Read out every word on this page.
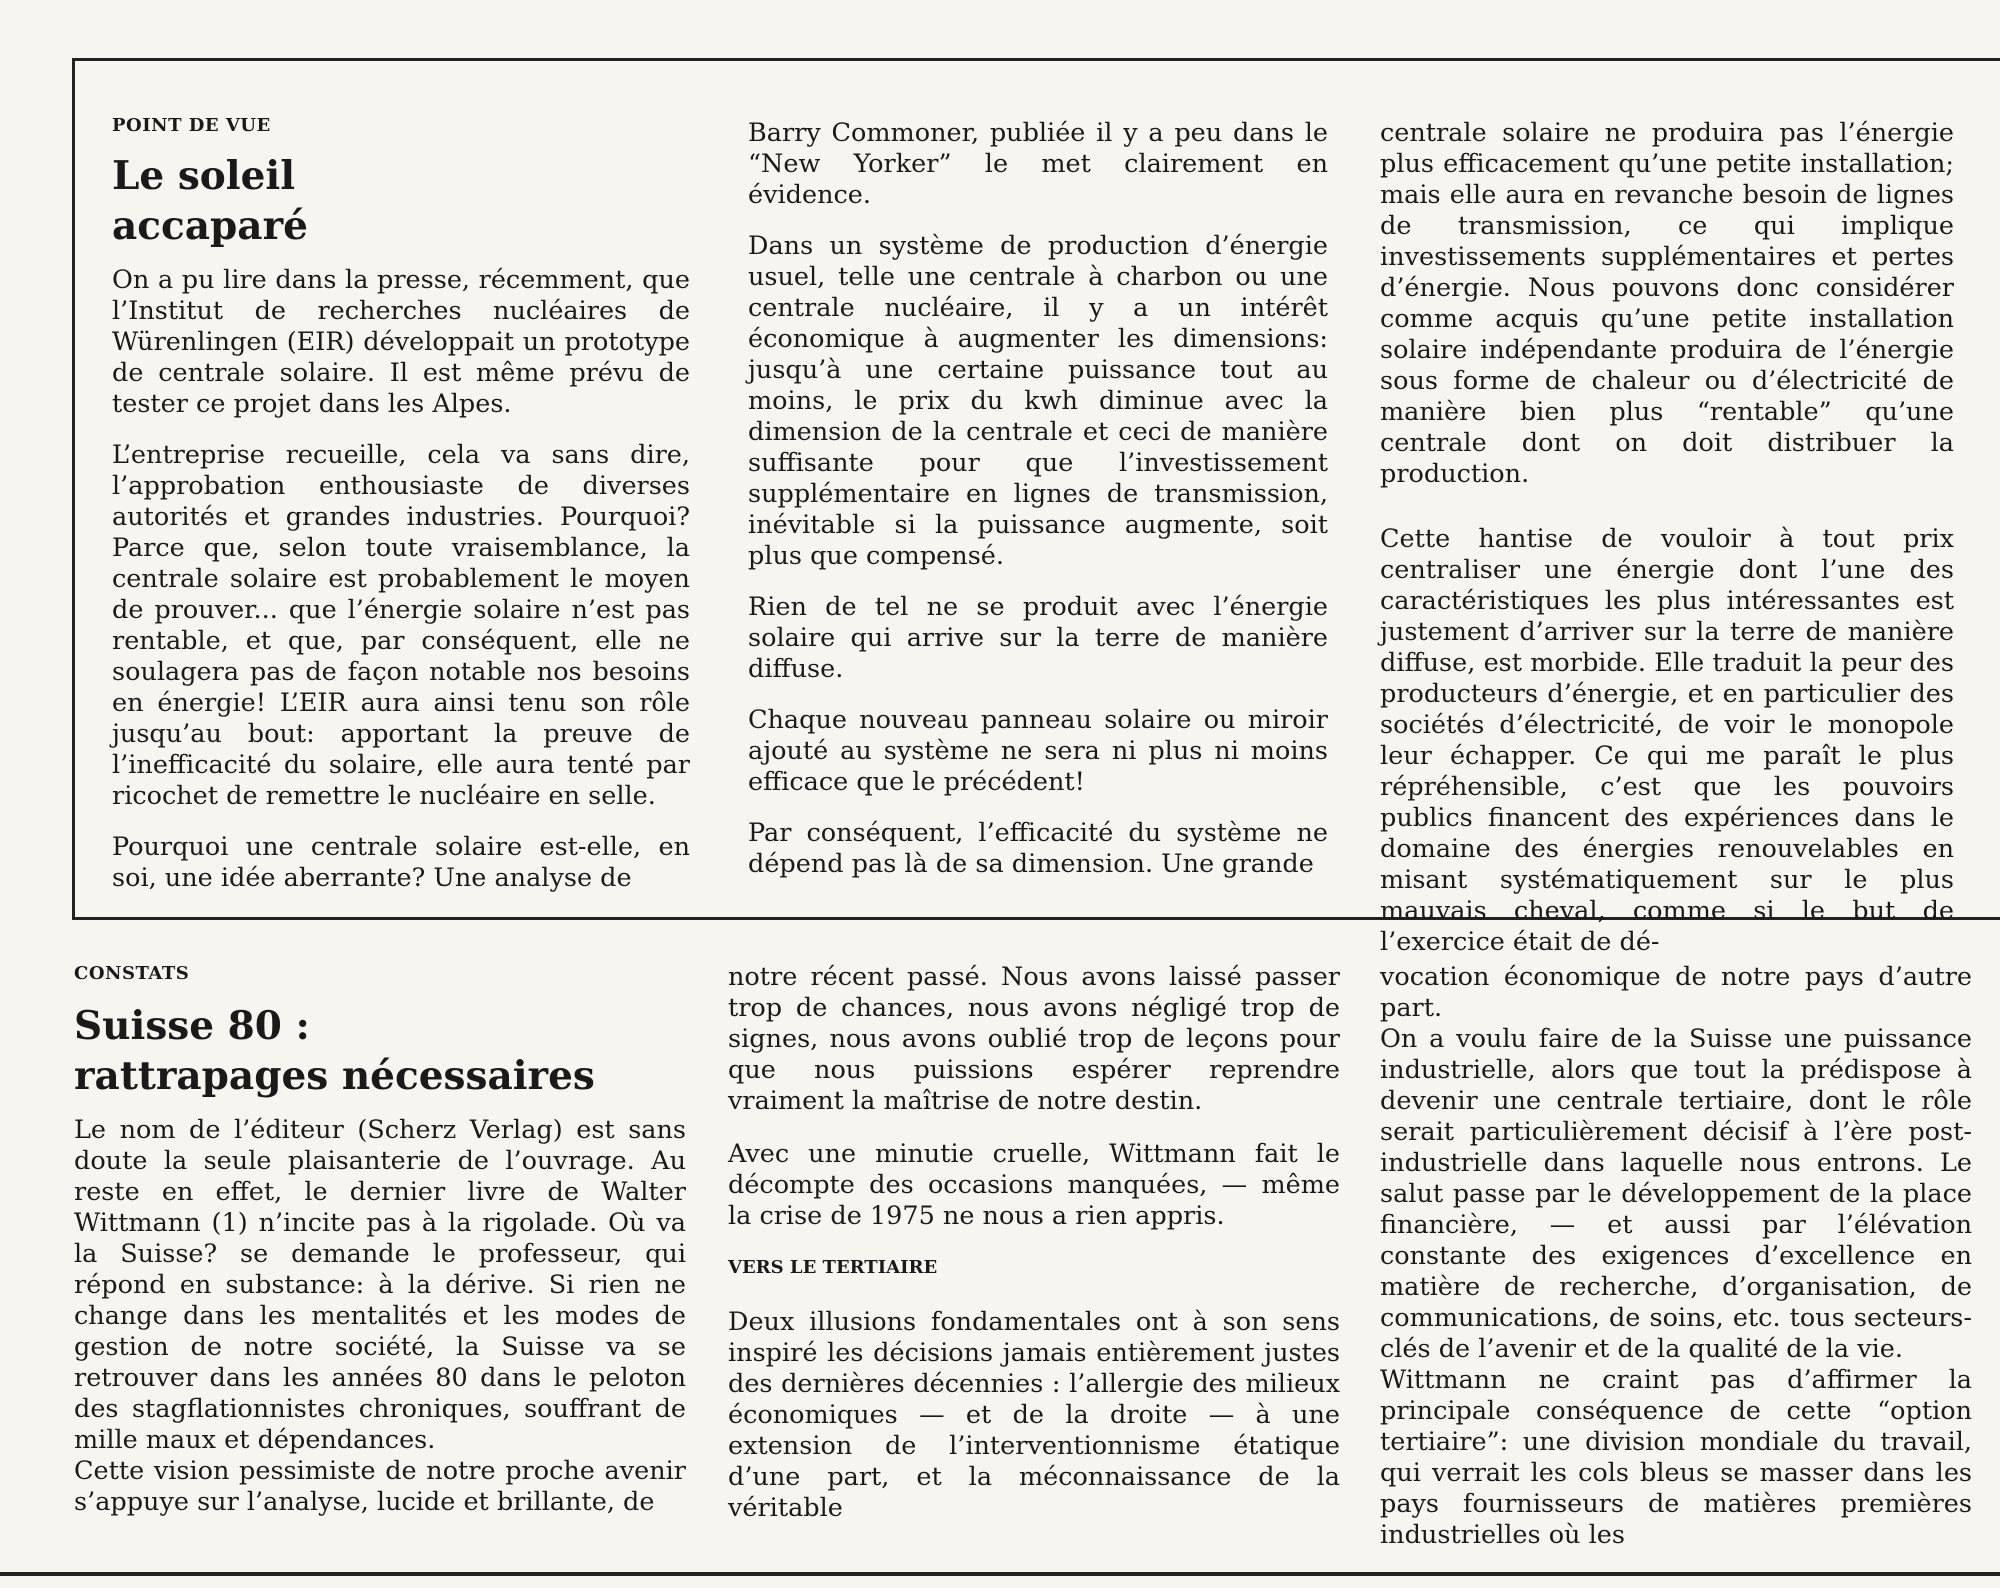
POINT DE VUE
Le soleil
accaparé

On a pu lire dans la presse, récemment, que l’Institut de recherches nucléaires de Würenlingen (EIR) développait un prototype de centrale solaire. Il est même prévu de tester ce projet dans les Alpes.

L’entreprise recueille, cela va sans dire, l’approbation enthousiaste de diverses autorités et grandes industries. Pourquoi? Parce que, selon toute vraisemblance, la centrale solaire est probablement le moyen de prouver... que l’énergie solaire n’est pas rentable, et que, par conséquent, elle ne soulagera pas de façon notable nos besoins en énergie! L’EIR aura ainsi tenu son rôle jusqu’au bout: apportant la preuve de l’inefficacité du solaire, elle aura tenté par ricochet de remettre le nucléaire en selle.

Pourquoi une centrale solaire est-elle, en soi, une idée aberrante? Une analyse de

Barry Commoner, publiée il y a peu dans le “New Yorker” le met clairement en évidence.

Dans un système de production d’énergie usuel, telle une centrale à charbon ou une centrale nucléaire, il y a un intérêt économique à augmenter les dimensions: jusqu’à une certaine puissance tout au moins, le prix du kwh diminue avec la dimension de la centrale et ceci de manière suffisante pour que l’investissement supplémentaire en lignes de transmission, inévitable si la puissance augmente, soit plus que compensé.

Rien de tel ne se produit avec l’énergie solaire qui arrive sur la terre de manière diffuse.

Chaque nouveau panneau solaire ou miroir ajouté au système ne sera ni plus ni moins efficace que le précédent!

Par conséquent, l’efficacité du système ne dépend pas là de sa dimension. Une grande

centrale solaire ne produira pas l’énergie plus efficacement qu’une petite installation; mais elle aura en revanche besoin de lignes de transmission, ce qui implique investissements supplémentaires et pertes d’énergie. Nous pouvons donc considérer comme acquis qu’une petite installation solaire indépendante produira de l’énergie sous forme de chaleur ou d’électricité de manière bien plus “rentable” qu’une centrale dont on doit distribuer la production.

Cette hantise de vouloir à tout prix centraliser une énergie dont l’une des caractéristiques les plus intéressantes est justement d’arriver sur la terre de manière diffuse, est morbide. Elle traduit la peur des producteurs d’énergie, et en particulier des sociétés d’électricité, de voir le monopole leur échapper. Ce qui me paraît le plus répréhensible, c’est que les pouvoirs publics financent des expériences dans le domaine des énergies renouvelables en misant systématiquement sur le plus mauvais cheval, comme si le but de l’exercice était de dé-

CONSTATS
Suisse 80 :
rattrapages nécessaires

Le nom de l’éditeur (Scherz Verlag) est sans doute la seule plaisanterie de l’ouvrage. Au reste en effet, le dernier livre de Walter Wittmann (1) n’incite pas à la rigolade. Où va la Suisse? se demande le professeur, qui répond en substance: à la dérive. Si rien ne change dans les mentalités et les modes de gestion de notre société, la Suisse va se retrouver dans les années 80 dans le peloton des stagflationnistes chroniques, souffrant de mille maux et dépendances.

Cette vision pessimiste de notre proche avenir s’appuye sur l’analyse, lucide et brillante, de

notre récent passé. Nous avons laissé passer trop de chances, nous avons négligé trop de signes, nous avons oublié trop de leçons pour que nous puissions espérer reprendre vraiment la maîtrise de notre destin.

Avec une minutie cruelle, Wittmann fait le décompte des occasions manquées, — même la crise de 1975 ne nous a rien appris.

VERS LE TERTIAIRE

Deux illusions fondamentales ont à son sens inspiré les décisions jamais entièrement justes des dernières décennies : l’allergie des milieux économiques — et de la droite — à une extension de l’interventionnisme étatique d’une part, et la méconnaissance de la véritable

vocation économique de notre pays d’autre part.

On a voulu faire de la Suisse une puissance industrielle, alors que tout la prédispose à devenir une centrale tertiaire, dont le rôle serait particulièrement décisif à l’ère post-industrielle dans laquelle nous entrons. Le salut passe par le développement de la place financière, — et aussi par l’élévation constante des exigences d’excellence en matière de recherche, d’organisation, de communications, de soins, etc. tous secteurs-clés de l’avenir et de la qualité de la vie.

Wittmann ne craint pas d’affirmer la principale conséquence de cette “option tertiaire”: une division mondiale du travail, qui verrait les cols bleus se masser dans les pays fournisseurs de matières premières industrielles où les
